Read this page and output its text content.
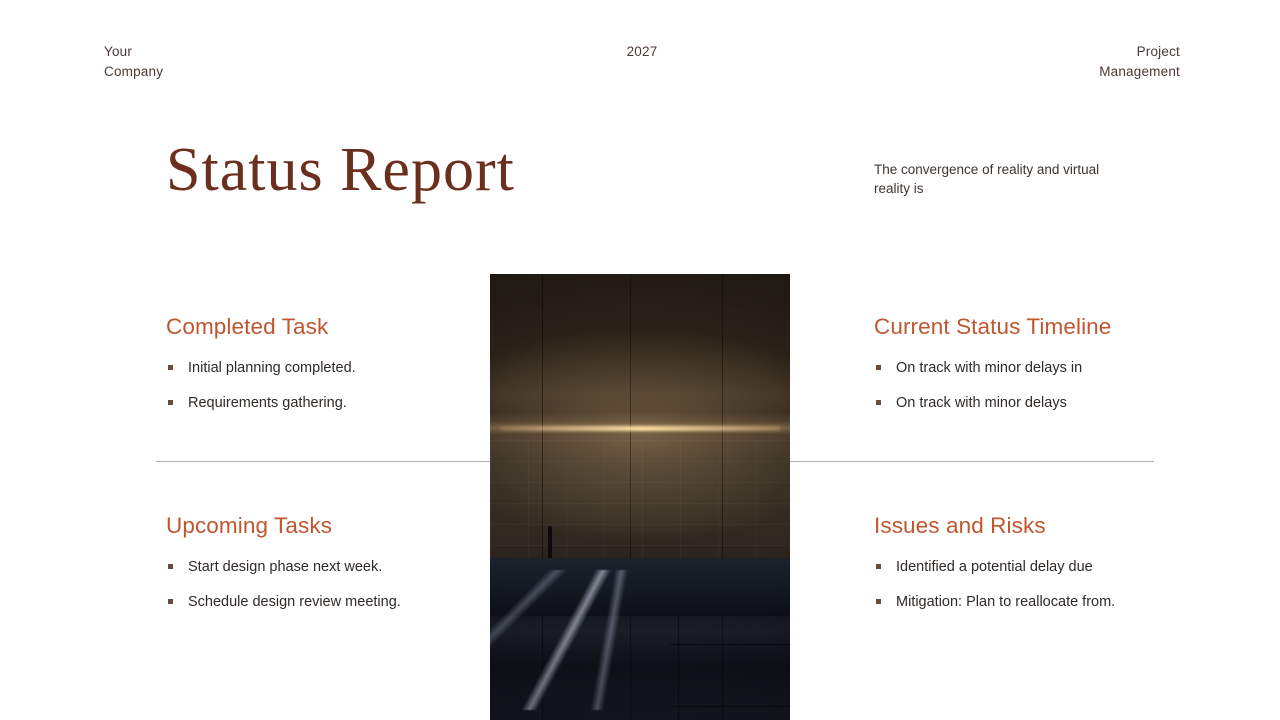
Your
Company
2027	Project
Management
Status Report	The convergence of reality and virtual reality is
Completed Task
Initial planning completed.
Requirements gathering.
Current Status Timeline
On track with minor delays in
On track with minor delays
Upcoming Tasks
Start design phase next week.
Schedule design review meeting.
Issues and Risks
Identified a potential delay due
Mitigation: Plan to reallocate from.
